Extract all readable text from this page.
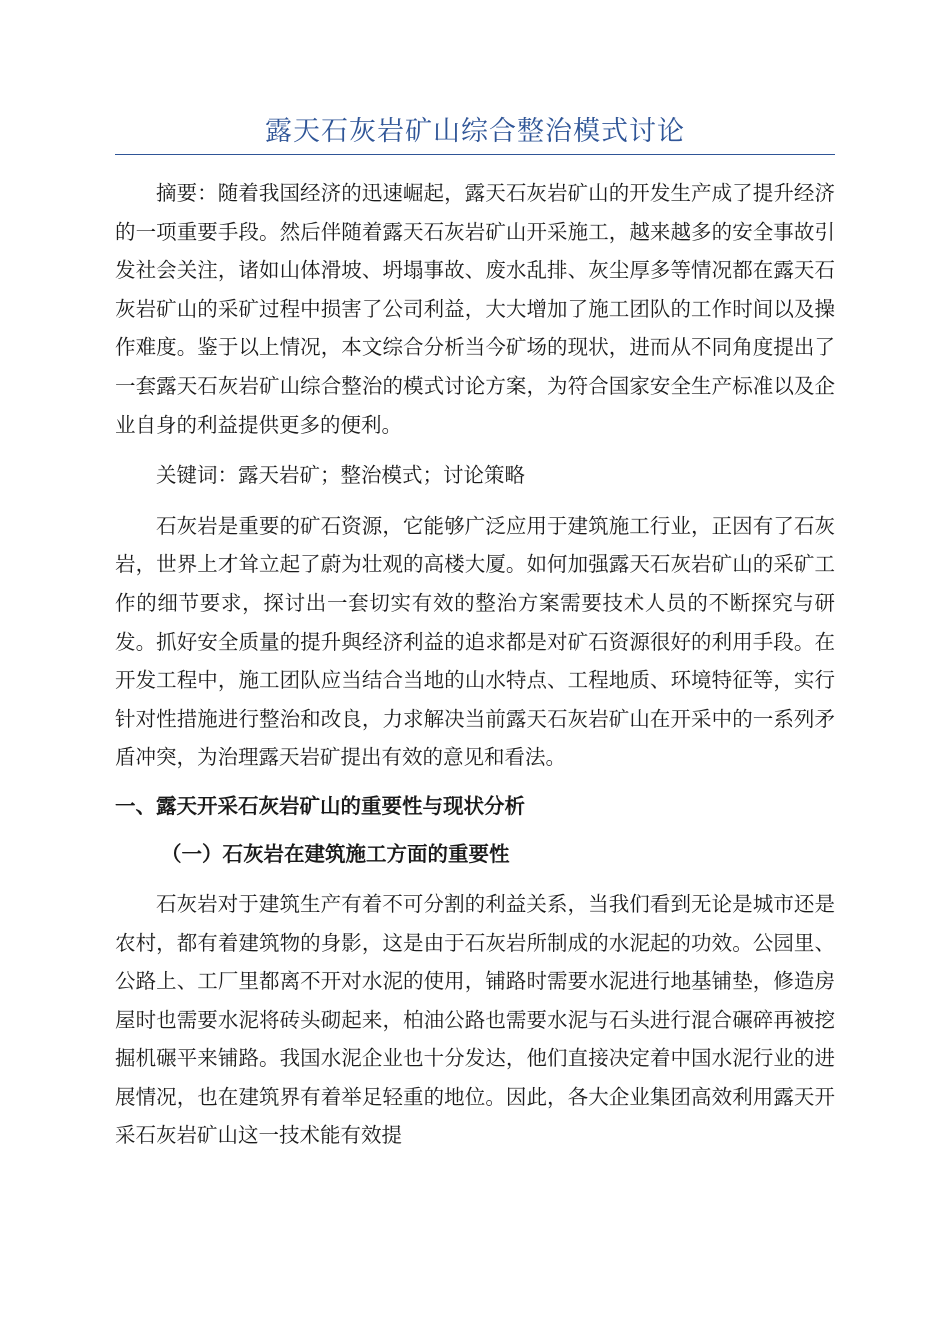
露天石灰岩矿山综合整治模式讨论

摘要：随着我国经济的迅速崛起，露天石灰岩矿山的开发生产成了提升经济的一项重要手段。然后伴随着露天石灰岩矿山开采施工，越来越多的安全事故引发社会关注，诸如山体滑坡、坍塌事故、废水乱排、灰尘厚多等情况都在露天石灰岩矿山的采矿过程中损害了公司利益，大大增加了施工团队的工作时间以及操作难度。鉴于以上情况，本文综合分析当今矿场的现状，进而从不同角度提出了一套露天石灰岩矿山综合整治的模式讨论方案，为符合国家安全生产标准以及企业自身的利益提供更多的便利。

关键词：露天岩矿；整治模式；讨论策略

石灰岩是重要的矿石资源，它能够广泛应用于建筑施工行业，正因有了石灰岩，世界上才耸立起了蔚为壮观的高楼大厦。如何加强露天石灰岩矿山的采矿工作的细节要求，探讨出一套切实有效的整治方案需要技术人员的不断探究与研发。抓好安全质量的提升與经济利益的追求都是对矿石资源很好的利用手段。在开发工程中，施工团队应当结合当地的山水特点、工程地质、环境特征等，实行针对性措施进行整治和改良，力求解决当前露天石灰岩矿山在开采中的一系列矛盾冲突，为治理露天岩矿提出有效的意见和看法。

一、露天开采石灰岩矿山的重要性与现状分析
（一）石灰岩在建筑施工方面的重要性

石灰岩对于建筑生产有着不可分割的利益关系，当我们看到无论是城市还是农村，都有着建筑物的身影，这是由于石灰岩所制成的水泥起的功效。公园里、公路上、工厂里都离不开对水泥的使用，铺路时需要水泥进行地基铺垫，修造房屋时也需要水泥将砖头砌起来，柏油公路也需要水泥与石头进行混合碾碎再被挖掘机碾平来铺路。我国水泥企业也十分发达，他们直接决定着中国水泥行业的进展情况，也在建筑界有着举足轻重的地位。因此，各大企业集团高效利用露天开采石灰岩矿山这一技术能有效提
